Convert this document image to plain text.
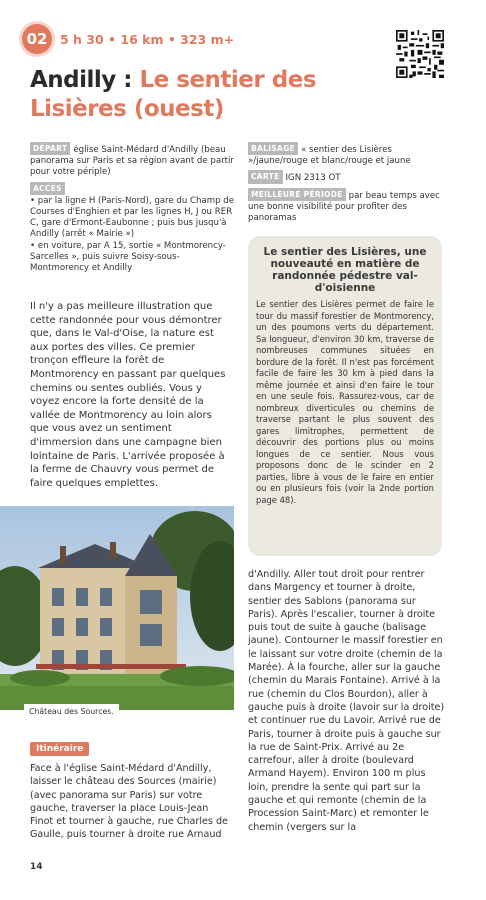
02	5 h 30 • 16 km • 323 m+
Andilly : Le sentier des Lisières (ouest)

DÉPART église Saint-Médard d'Andilly (beau panorama sur Paris et sa région avant de partir pour votre périple)

ACCÈS
• par la ligne H (Paris-Nord), gare du Champ de Courses d'Enghien et par les lignes H, J ou RER C, gare d'Ermont-Eaubonne ; puis bus jusqu'à Andilly (arrêt « Mairie »)
• en voiture, par A 15, sortie « Montmorency-Sarcelles », puis suivre Soisy-sous-Montmorency et Andilly

BALISAGE « sentier des Lisières »/jaune/rouge et blanc/rouge et jaune

CARTE IGN 2313 OT

MEILLEURE PÉRIODE par beau temps avec une bonne visibilité pour profiter des panoramas

Il n'y a pas meilleure illustration que cette randonnée pour vous démontrer que, dans le Val-d'Oise, la nature est aux portes des villes. Ce premier tronçon effleure la forêt de Montmorency en passant par quelques chemins ou sentes oubliés. Vous y voyez encore la forte densité de la vallée de Montmorency au loin alors que vous avez un sentiment d'immersion dans une campagne bien lointaine de Paris. L'arrivée proposée à la ferme de Chauvry vous permet de faire quelques emplettes.

Le sentier des Lisières, une nouveauté en matière de randonnée pédestre val-d'oisienne

Le sentier des Lisières permet de faire le tour du massif forestier de Montmorency, un des poumons verts du département. Sa longueur, d'environ 30 km, traverse de nombreuses communes situées en bordure de la forêt. Il n'est pas forcément facile de faire les 30 km à pied dans la même journée et ainsi d'en faire le tour en une seule fois. Rassurez-vous, car de nombreux diverticules ou chemins de traverse partant le plus souvent des gares limitrophes, permettent de découvrir des portions plus ou moins longues de ce sentier. Nous vous proposons donc de le scinder en 2 parties, libre à vous de le faire en entier ou en plusieurs fois (voir la 2nde portion page 48).

Château des Sources.
Itinéraire

Face à l'église Saint-Médard d'Andilly, laisser le château des Sources (mairie) (avec panorama sur Paris) sur votre gauche, traverser la place Louis-Jean Finot et tourner à gauche, rue Charles de Gaulle, puis tourner à droite rue Arnaud

d'Andilly. Aller tout droit pour rentrer dans Margency et tourner à droite, sentier des Sablons (panorama sur Paris). Après l'escalier, tourner à droite puis tout de suite à gauche (balisage jaune). Contourner le massif forestier en le laissant sur votre droite (chemin de la Marée). À la fourche, aller sur la gauche (chemin du Marais Fontaine). Arrivé à la rue (chemin du Clos Bourdon), aller à gauche puis à droite (lavoir sur la droite) et continuer rue du Lavoir. Arrivé rue de Paris, tourner à droite puis à gauche sur la rue de Saint-Prix. Arrivé au 2e carrefour, aller à droite (boulevard Armand Hayem). Environ 100 m plus loin, prendre la sente qui part sur la gauche et qui remonte (chemin de la Procession Saint-Marc) et remonter le chemin (vergers sur la

14
